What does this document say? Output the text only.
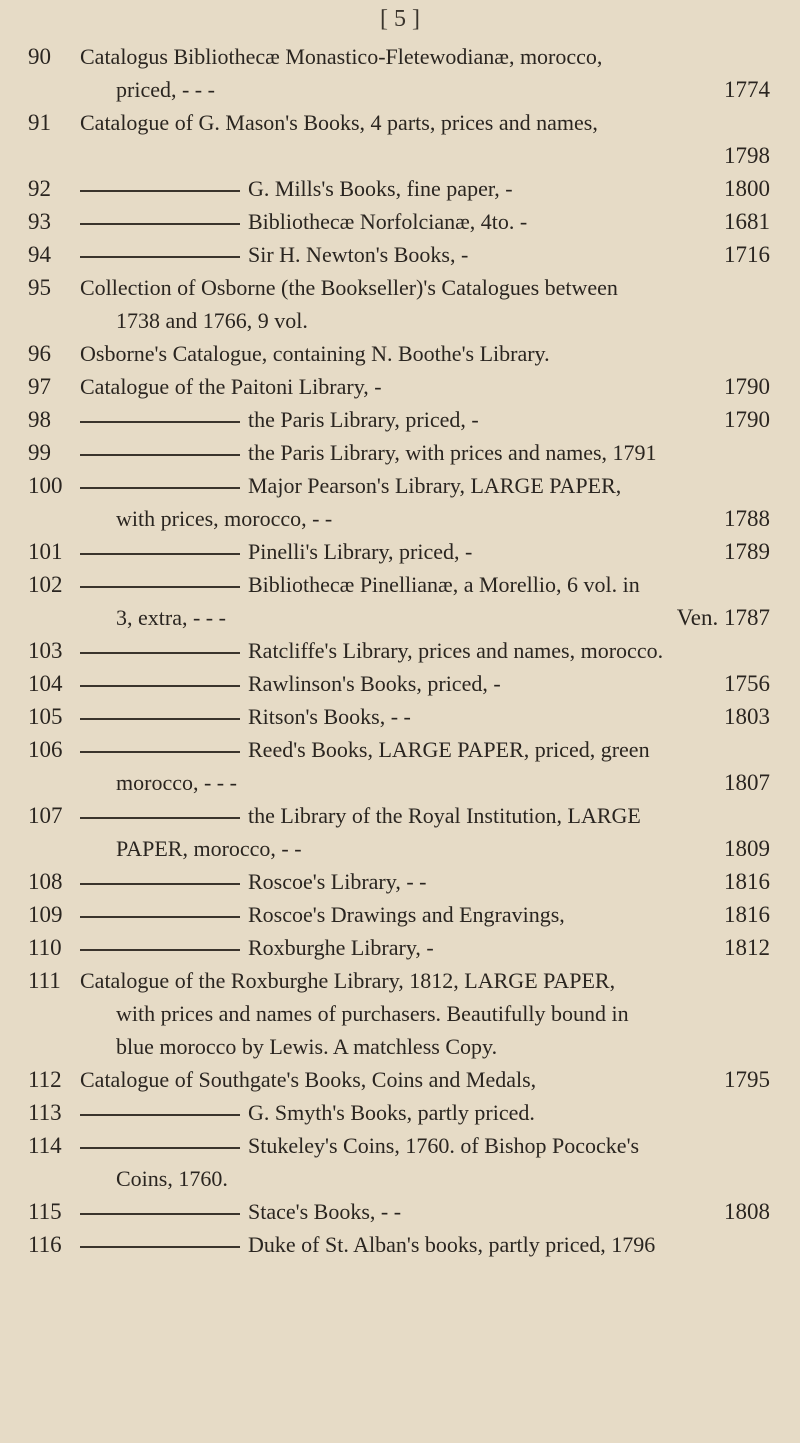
[ 5 ]
90	Catalogus Bibliothecæ Monastico-Fletewodianæ, morocco,
priced, - - -	1774
91	Catalogue of G. Mason's Books, 4 parts, prices and names,
1798
92	G. Mills's Books, fine paper, -	1800
93	Bibliothecæ Norfolcianæ, 4to. -	1681
94	Sir H. Newton's Books, -	1716
95	Collection of Osborne (the Bookseller)'s Catalogues between
1738 and 1766, 9 vol.
96	Osborne's Catalogue, containing N. Boothe's Library.
97	Catalogue of the Paitoni Library, -	1790
98	the Paris Library, priced, -	1790
99	the Paris Library, with prices and names, 1791
100	Major Pearson's Library, LARGE PAPER,
with prices, morocco, - -	1788
101	Pinelli's Library, priced, -	1789
102	Bibliothecæ Pinellianæ, a Morellio, 6 vol. in
3, extra, - - -	Ven. 1787
103	Ratcliffe's Library, prices and names, morocco.
104	Rawlinson's Books, priced, -	1756
105	Ritson's Books, - -	1803
106	Reed's Books, LARGE PAPER, priced, green
morocco, - - -	1807
107	the Library of the Royal Institution, LARGE
PAPER, morocco, - -	1809
108	Roscoe's Library, - -	1816
109	Roscoe's Drawings and Engravings,	1816
110	Roxburghe Library, -	1812
111 Catalogue of the Roxburghe Library, 1812, LARGE PAPER,
with prices and names of purchasers. Beautifully bound in
blue morocco by Lewis. A matchless Copy.
112 Catalogue of Southgate's Books, Coins and Medals,	1795
113	G. Smyth's Books, partly priced.
114	Stukeley's Coins, 1760. of Bishop Pococke's
Coins, 1760.
115	Stace's Books, - -	1808
116	Duke of St. Alban's books, partly priced, 1796
